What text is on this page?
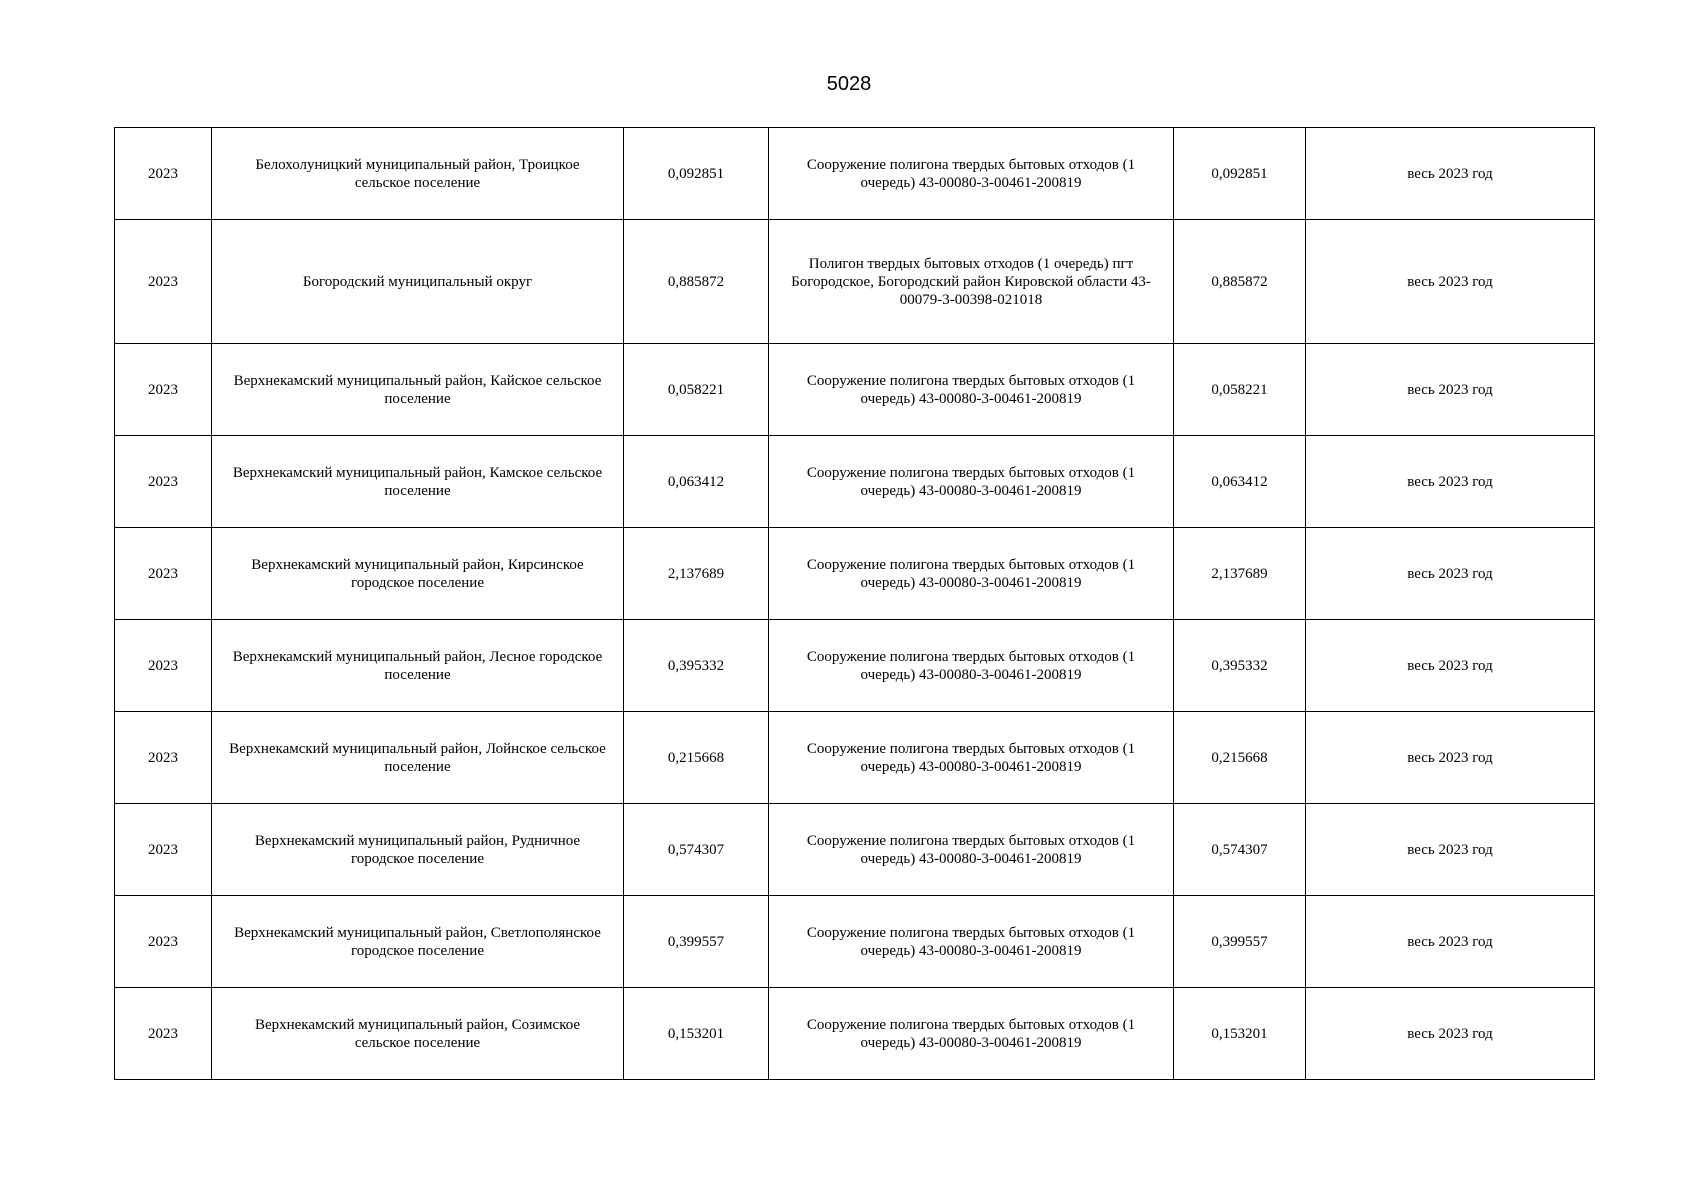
5028
2023	Белохолуницкий муниципальный район, Троицкое сельское поселение	0,092851	Сооружение полигона твердых бытовых отходов (1 очередь) 43-00080-3-00461-200819	0,092851	весь 2023 год
2023	Богородский муниципальный округ	0,885872	Полигон твердых бытовых отходов (1 очередь) пгт Богородское, Богородский район Кировской области 43-00079-3-00398-021018	0,885872	весь 2023 год
2023	Верхнекамский муниципальный район, Кайское сельское поселение	0,058221	Сооружение полигона твердых бытовых отходов (1 очередь) 43-00080-3-00461-200819	0,058221	весь 2023 год
2023	Верхнекамский муниципальный район, Камское сельское поселение	0,063412	Сооружение полигона твердых бытовых отходов (1 очередь) 43-00080-3-00461-200819	0,063412	весь 2023 год
2023	Верхнекамский муниципальный район, Кирсинское городское поселение	2,137689	Сооружение полигона твердых бытовых отходов (1 очередь) 43-00080-3-00461-200819	2,137689	весь 2023 год
2023	Верхнекамский муниципальный район, Лесное городское поселение	0,395332	Сооружение полигона твердых бытовых отходов (1 очередь) 43-00080-3-00461-200819	0,395332	весь 2023 год
2023	Верхнекамский муниципальный район, Лойнское сельское поселение	0,215668	Сооружение полигона твердых бытовых отходов (1 очередь) 43-00080-3-00461-200819	0,215668	весь 2023 год
2023	Верхнекамский муниципальный район, Рудничное городское поселение	0,574307	Сооружение полигона твердых бытовых отходов (1 очередь) 43-00080-3-00461-200819	0,574307	весь 2023 год
2023	Верхнекамский муниципальный район, Светлополянское городское поселение	0,399557	Сооружение полигона твердых бытовых отходов (1 очередь) 43-00080-3-00461-200819	0,399557	весь 2023 год
2023	Верхнекамский муниципальный район, Созимское сельское поселение	0,153201	Сооружение полигона твердых бытовых отходов (1 очередь) 43-00080-3-00461-200819	0,153201	весь 2023 год
